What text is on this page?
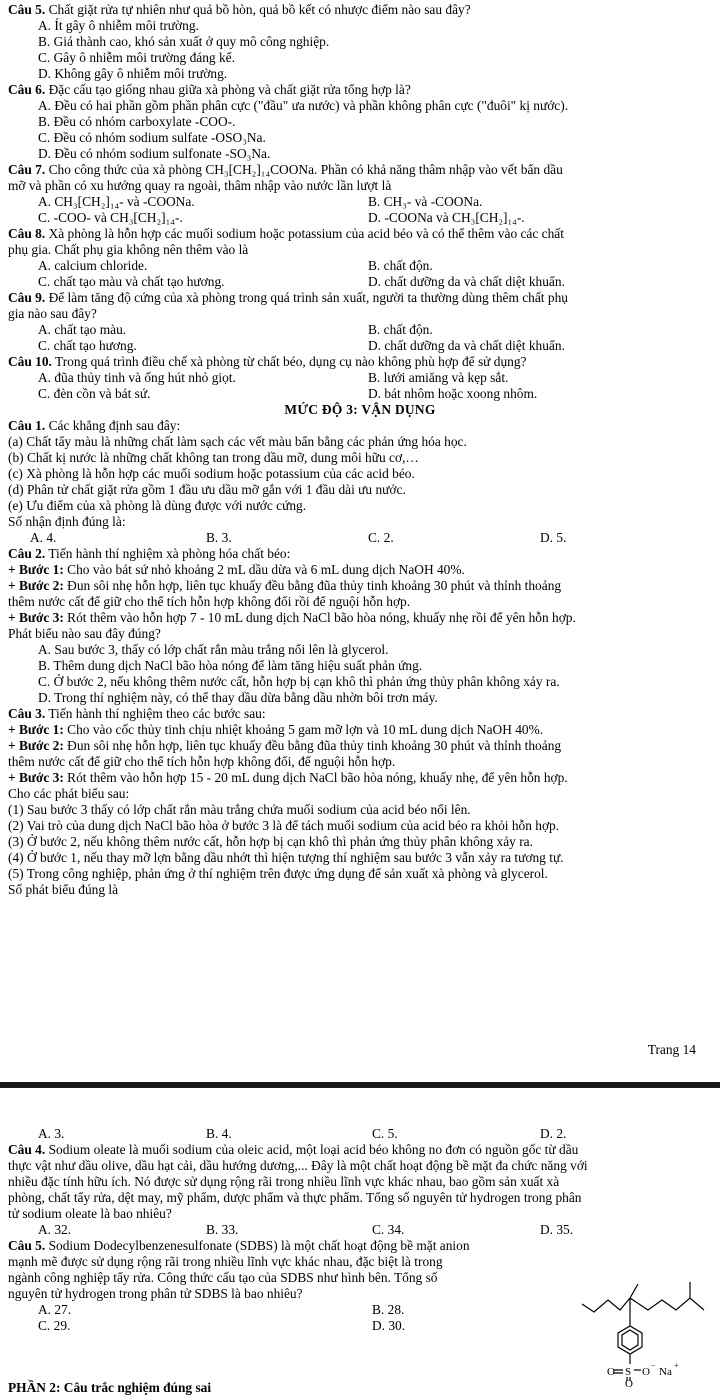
Câu 5. Chất giặt rửa tự nhiên như quả bồ hòn, quả bồ kết có nhược điểm nào sau đây?
A. Ít gây ô nhiễm môi trường.
B. Giá thành cao, khó sản xuất ở quy mô công nghiệp.
C. Gây ô nhiễm môi trường đáng kể.
D. Không gây ô nhiễm môi trường.
Câu 6. Đặc cấu tạo giống nhau giữa xà phòng và chất giặt rửa tổng hợp là?
A. Đều có hai phần gồm phần phân cực ("đầu" ưa nước) và phần không phân cực ("đuôi" kị nước).
B. Đều có nhóm carboxylate -COO-.
C. Đều có nhóm sodium sulfate -OSO₃Na.
D. Đều có nhóm sodium sulfonate -SO₃Na.
Câu 7. Cho công thức của xà phòng CH₃[CH₂]₁₄COONa. Phần có khả năng thâm nhập vào vết bẩn dầu
mỡ và phần có xu hướng quay ra ngoài, thâm nhập vào nước lần lượt là
A. CH₃[CH₂]₁₄- và -COONa.	B. CH₃- và -COONa.
C. -COO- và CH₃[CH₂]₁₄-.	D. -COONa và CH₃[CH₂]₁₄-.
Câu 8. Xà phòng là hỗn hợp các muối sodium hoặc potassium của acid béo và có thể thêm vào các chất
phụ gia. Chất phụ gia không nên thêm vào là
A. calcium chloride.	B. chất độn.
C. chất tạo màu và chất tạo hương.	D. chất dưỡng da và chất diệt khuẩn.
Câu 9. Để làm tăng độ cứng của xà phòng trong quá trình sản xuất, người ta thường dùng thêm chất phụ
gia nào sau đây?
A. chất tạo màu.	B. chất độn.
C. chất tạo hương.	D. chất dưỡng da và chất diệt khuẩn.
Câu 10. Trong quá trình điều chế xà phòng từ chất béo, dụng cụ nào không phù hợp để sử dụng?
A. đũa thủy tinh và ống hút nhỏ giọt.	B. lưới amiăng và kẹp sắt.
C. đèn cồn và bát sứ.	D. bát nhôm hoặc xoong nhôm.
MỨC ĐỘ 3: VẬN DỤNG
Câu 1. Các khẳng định sau đây:
(a) Chất tẩy màu là những chất làm sạch các vết màu bẩn bằng các phản ứng hóa học.
(b) Chất kị nước là những chất không tan trong dầu mỡ, dung môi hữu cơ,…
(c) Xà phòng là hỗn hợp các muối sodium hoặc potassium của các acid béo.
(d) Phân tử chất giặt rửa gồm 1 đầu ưu dầu mỡ gắn với 1 đầu dài ưu nước.
(e) Ưu điểm của xà phòng là dùng được với nước cứng.
Số nhận định đúng là:
A. 4.	B. 3.	C. 2.	D. 5.
Câu 2. Tiến hành thí nghiệm xà phòng hóa chất béo:
+ Bước 1: Cho vào bát sứ nhỏ khoảng 2 mL dầu dừa và 6 mL dung dịch NaOH 40%.
+ Bước 2: Đun sôi nhẹ hỗn hợp, liên tục khuấy đều bằng đũa thủy tinh khoảng 30 phút và thỉnh thoảng
thêm nước cất để giữ cho thể tích hỗn hợp không đổi rồi để nguội hỗn hợp.
+ Bước 3: Rót thêm vào hỗn hợp 7 - 10 mL dung dịch NaCl bão hòa nóng, khuấy nhẹ rồi để yên hỗn hợp.
Phát biểu nào sau đây đúng?
A. Sau bước 3, thấy có lớp chất rắn màu trắng nổi lên là glycerol.
B. Thêm dung dịch NaCl bão hòa nóng để làm tăng hiệu suất phản ứng.
C. Ở bước 2, nếu không thêm nước cất, hỗn hợp bị cạn khô thì phản ứng thủy phân không xảy ra.
D. Trong thí nghiệm này, có thể thay dầu dừa bằng dầu nhờn bôi trơn máy.
Câu 3. Tiến hành thí nghiệm theo các bước sau:
+ Bước 1: Cho vào cốc thủy tinh chịu nhiệt khoảng 5 gam mỡ lợn và 10 mL dung dịch NaOH 40%.
+ Bước 2: Đun sôi nhẹ hỗn hợp, liên tục khuấy đều bằng đũa thủy tinh khoảng 30 phút và thỉnh thoảng
thêm nước cất để giữ cho thể tích hỗn hợp không đổi, để nguội hỗn hợp.
+ Bước 3: Rót thêm vào hỗn hợp 15 - 20 mL dung dịch NaCl bão hòa nóng, khuấy nhẹ, để yên hỗn hợp.
Cho các phát biểu sau:
(1) Sau bước 3 thấy có lớp chất rắn màu trắng chứa muối sodium của acid béo nổi lên.
(2) Vai trò của dung dịch NaCl bão hòa ở bước 3 là để tách muối sodium của acid béo ra khỏi hỗn hợp.
(3) Ở bước 2, nếu không thêm nước cất, hỗn hợp bị cạn khô thì phản ứng thủy phân không xảy ra.
(4) Ở bước 1, nếu thay mỡ lợn bằng dầu nhớt thì hiện tượng thí nghiệm sau bước 3 vẫn xảy ra tương tự.
(5) Trong công nghiệp, phản ứng ở thí nghiệm trên được ứng dụng để sản xuất xà phòng và glycerol.
Số phát biểu đúng là
Trang 14
A. 3.	B. 4.	C. 5.	D. 2.
Câu 4. Sodium oleate là muối sodium của oleic acid, một loại acid béo không no đơn có nguồn gốc từ dầu
thực vật như dầu olive, dầu hạt cải, dầu hướng dương,... Đây là một chất hoạt động bề mặt đa chức năng với
nhiều đặc tính hữu ích. Nó được sử dụng rộng rãi trong nhiều lĩnh vực khác nhau, bao gồm sản xuất xà
phòng, chất tẩy rửa, dệt may, mỹ phẩm, dược phẩm và thực phẩm. Tổng số nguyên tử hydrogen trong phân
tử sodium oleate là bao nhiêu?
A. 32.	B. 33.	C. 34.	D. 35.
Câu 5. Sodium Dodecylbenzenesulfonate (SDBS) là một chất hoạt động bề mặt anion
mạnh mẽ được sử dụng rộng rãi trong nhiều lĩnh vực khác nhau, đặc biệt là trong
ngành công nghiệp tẩy rửa. Công thức cấu tạo của SDBS như hình bên. Tổng số
nguyên tử hydrogen trong phân tử SDBS là bao nhiêu?
A. 27.	B. 28.
C. 29.	D. 30.
O S O
−
Na
+
O
PHẦN 2: Câu trắc nghiệm đúng sai
